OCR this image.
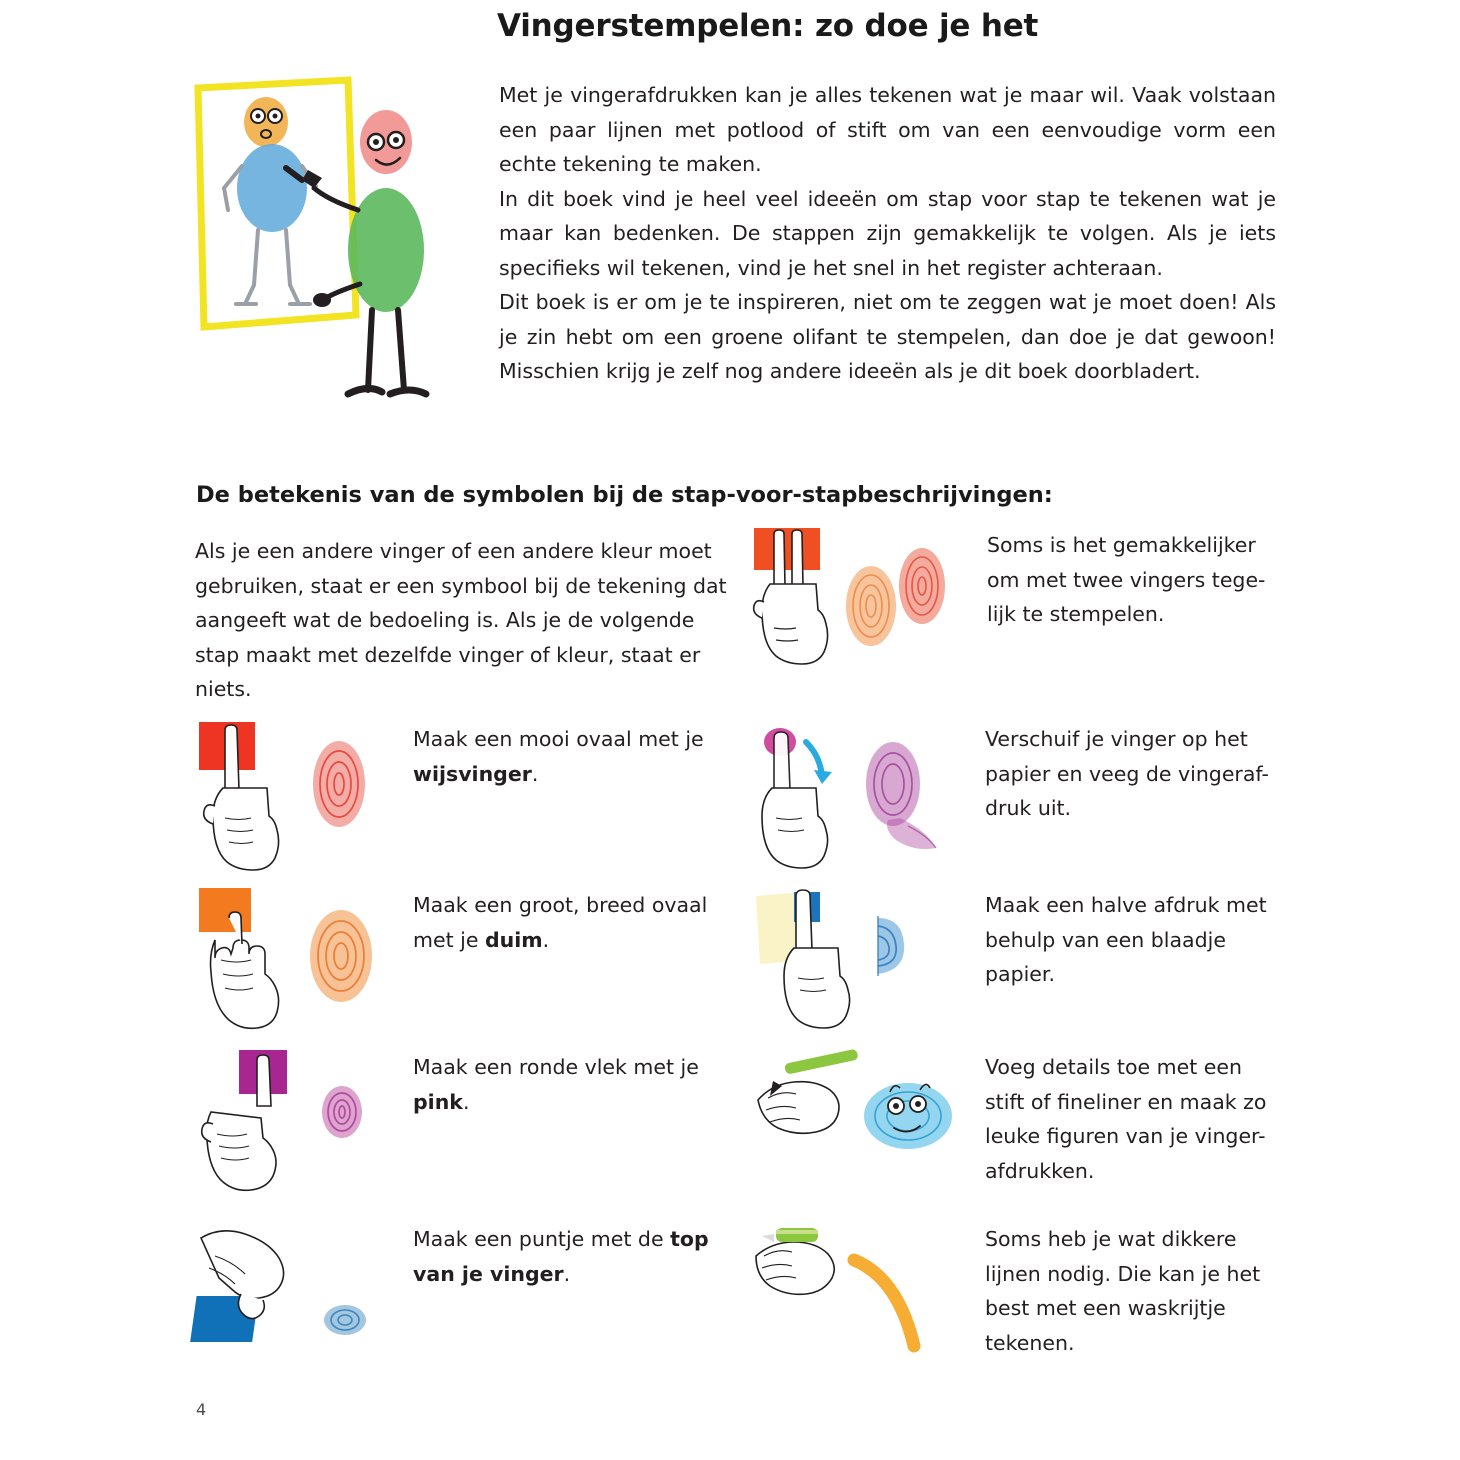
Vingerstempelen: zo doe je het

Met je vingerafdrukken kan je alles tekenen wat je maar wil. Vaak volstaan een paar lijnen met potlood of stift om van een eenvoudige vorm een echte tekening te maken.

In dit boek vind je heel veel ideeën om stap voor stap te tekenen wat je maar kan bedenken. De stappen zijn gemakkelijk te volgen. Als je iets specifieks wil tekenen, vind je het snel in het register achteraan.

Dit boek is er om je te inspireren, niet om te zeggen wat je moet doen! Als je zin hebt om een groene olifant te stempelen, dan doe je dat gewoon! Misschien krijg je zelf nog andere ideeën als je dit boek doorbladert.

De betekenis van de symbolen bij de stap-voor-stapbeschrijvingen:
Als je een andere vinger of een andere kleur moet gebruiken, staat er een symbool bij de tekening dat aangeeft wat de bedoeling is. Als je de volgende stap maakt met dezelfde vinger of kleur, staat er niets.
Soms is het gemakkelijker
om met twee vingers tege-
lijk te stempelen.
Maak een mooi ovaal met je wijsvinger.
Maak een groot, breed ovaal met je duim.
Maak een ronde vlek met je pink.
Maak een puntje met de top van je vinger.
Verschuif je vinger op het
papier en veeg de vingeraf-
druk uit.
Maak een halve afdruk met
behulp van een blaadje
papier.
Voeg details toe met een
stift of fineliner en maak zo
leuke figuren van je vinger-
afdrukken.
Soms heb je wat dikkere
lijnen nodig. Die kan je het
best met een waskrijtje
tekenen.
4
